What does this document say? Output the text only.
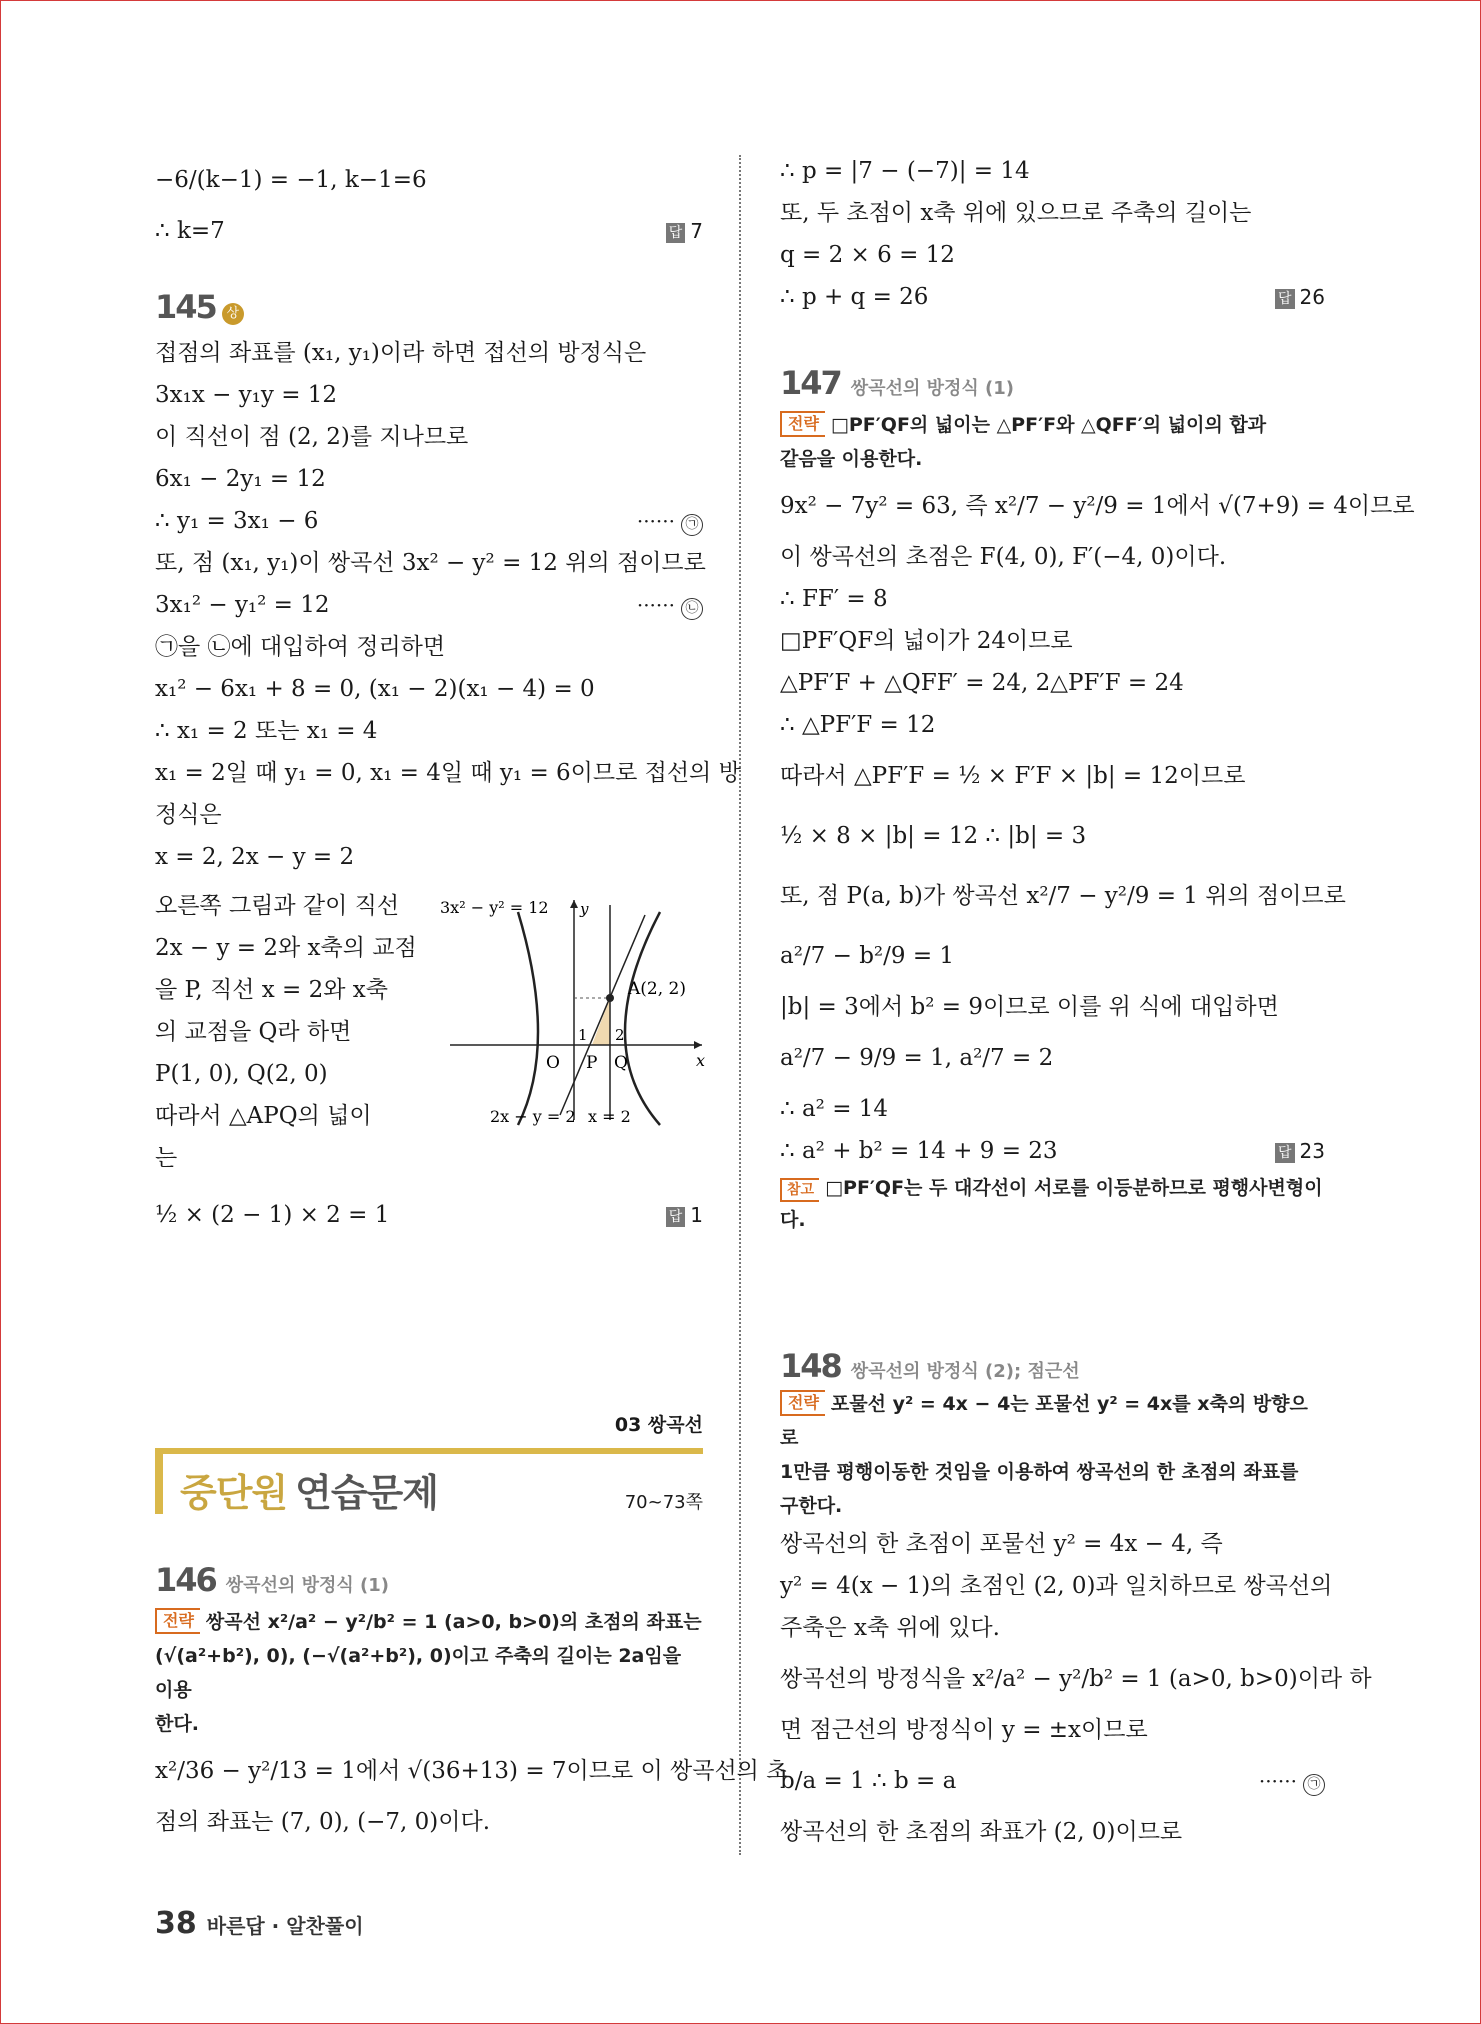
−6/(k−1) = −1, k−1=6
∴ k=7	답 7
145 상
접점의 좌표를 (x₁, y₁)이라 하면 접선의 방정식은
3x₁x − y₁y = 12
이 직선이 점 (2, 2)를 지나므로
6x₁ − 2y₁ = 12
∴ y₁ = 3x₁ − 6	······ ㉠
또, 점 (x₁, y₁)이 쌍곡선 3x² − y² = 12 위의 점이므로
3x₁² − y₁² = 12	······ ㉡
㉠을 ㉡에 대입하여 정리하면
x₁² − 6x₁ + 8 = 0, (x₁ − 2)(x₁ − 4) = 0
∴ x₁ = 2 또는 x₁ = 4
x₁ = 2일 때 y₁ = 0, x₁ = 4일 때 y₁ = 6이므로 접선의 방
정식은
x = 2, 2x − y = 2
오른쪽 그림과 같이 직선
2x − y = 2와 x축의 교점
을 P, 직선 x = 2와 x축
의 교점을 Q라 하면
P(1, 0), Q(2, 0)
따라서 △APQ의 넓이
는
½ × (2 − 1) × 2 = 1	답 1
3x² − y² = 12 y
x
A(2, 2)
1 2
O P Q
2x − y = 2 x = 2
03 쌍곡선
중단원 연습문제	70~73쪽
146 쌍곡선의 방정식 (1)
전략 쌍곡선 x²/a² − y²/b² = 1 (a>0, b>0)의 초점의 좌표는
(√(a²+b²), 0), (−√(a²+b²), 0)이고 주축의 길이는 2a임을 이용
한다.
x²/36 − y²/13 = 1에서 √(36+13) = 7이므로 이 쌍곡선의 초
점의 좌표는 (7, 0), (−7, 0)이다.
∴ p = |7 − (−7)| = 14
또, 두 초점이 x축 위에 있으므로 주축의 길이는
q = 2 × 6 = 12
∴ p + q = 26	답 26
147 쌍곡선의 방정식 (1)
전략 □PF′QF의 넓이는 △PF′F와 △QFF′의 넓이의 합과
같음을 이용한다.
9x² − 7y² = 63, 즉 x²/7 − y²/9 = 1에서 √(7+9) = 4이므로
이 쌍곡선의 초점은 F(4, 0), F′(−4, 0)이다.
∴ FF′ = 8
□PF′QF의 넓이가 24이므로
△PF′F + △QFF′ = 24, 2△PF′F = 24
∴ △PF′F = 12
따라서 △PF′F = ½ × F′F × |b| = 12이므로
½ × 8 × |b| = 12 ∴ |b| = 3
또, 점 P(a, b)가 쌍곡선 x²/7 − y²/9 = 1 위의 점이므로
a²/7 − b²/9 = 1
|b| = 3에서 b² = 9이므로 이를 위 식에 대입하면
a²/7 − 9/9 = 1, a²/7 = 2
∴ a² = 14
∴ a² + b² = 14 + 9 = 23	답 23
참고 □PF′QF는 두 대각선이 서로를 이등분하므로 평행사변형이
다.
148 쌍곡선의 방정식 (2); 점근선
전략 포물선 y² = 4x − 4는 포물선 y² = 4x를 x축의 방향으로
1만큼 평행이동한 것임을 이용하여 쌍곡선의 한 초점의 좌표를
구한다.
쌍곡선의 한 초점이 포물선 y² = 4x − 4, 즉
y² = 4(x − 1)의 초점인 (2, 0)과 일치하므로 쌍곡선의
주축은 x축 위에 있다.
쌍곡선의 방정식을 x²/a² − y²/b² = 1 (a>0, b>0)이라 하
면 점근선의 방정식이 y = ±x이므로
b/a = 1 ∴ b = a	······ ㉠
쌍곡선의 한 초점의 좌표가 (2, 0)이므로
38 바른답 · 알찬풀이
